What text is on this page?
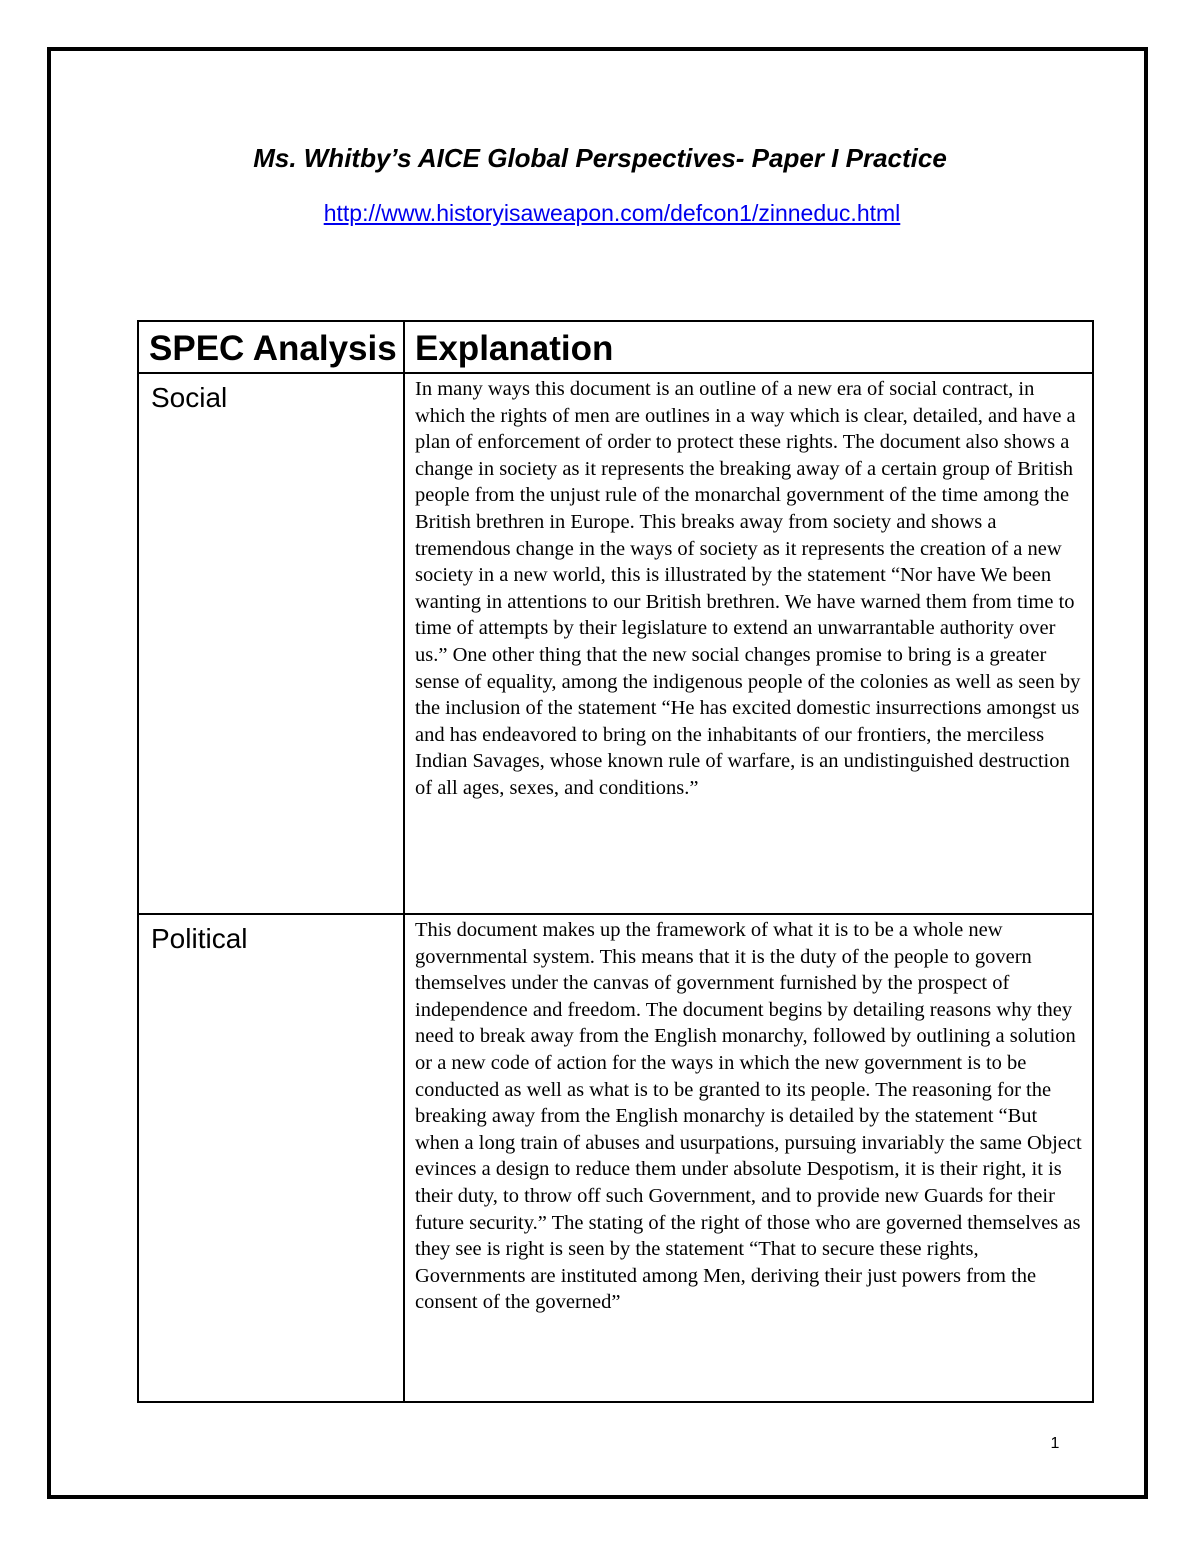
Ms. Whitby’s AICE Global Perspectives- Paper I Practice
http://www.historyisaweapon.com/defcon1/zinneduc.html
SPEC Analysis	Explanation
Social	In many ways this document is an outline of a new era of social contract, in which the rights of men are outlines in a way which is clear, detailed, and have a plan of enforcement of order to protect these rights. The document also shows a change in society as it represents the breaking away of a certain group of British people from the unjust rule of the monarchal government of the time among the British brethren in Europe. This breaks away from society and shows a tremendous change in the ways of society as it represents the creation of a new society in a new world, this is illustrated by the statement “Nor have We been wanting in attentions to our British brethren. We have warned them from time to time of attempts by their legislature to extend an unwarrantable authority over us.” One other thing that the new social changes promise to bring is a greater sense of equality, among the indigenous people of the colonies as well as seen by the inclusion of the statement “He has excited domestic insurrections amongst us and has endeavored to bring on the inhabitants of our frontiers, the merciless Indian Savages, whose known rule of warfare, is an undistinguished destruction of all ages, sexes, and conditions.”
Political	This document makes up the framework of what it is to be a whole new governmental system. This means that it is the duty of the people to govern themselves under the canvas of government furnished by the prospect of independence and freedom. The document begins by detailing reasons why they need to break away from the English monarchy, followed by outlining a solution or a new code of action for the ways in which the new government is to be conducted as well as what is to be granted to its people. The reasoning for the breaking away from the English monarchy is detailed by the statement “But when a long train of abuses and usurpations, pursuing invariably the same Object evinces a design to reduce them under absolute Despotism, it is their right, it is their duty, to throw off such Government, and to provide new Guards for their future security.” The stating of the right of those who are governed themselves as they see is right is seen by the statement “That to secure these rights, Governments are instituted among Men, deriving their just powers from the consent of the governed”
1
